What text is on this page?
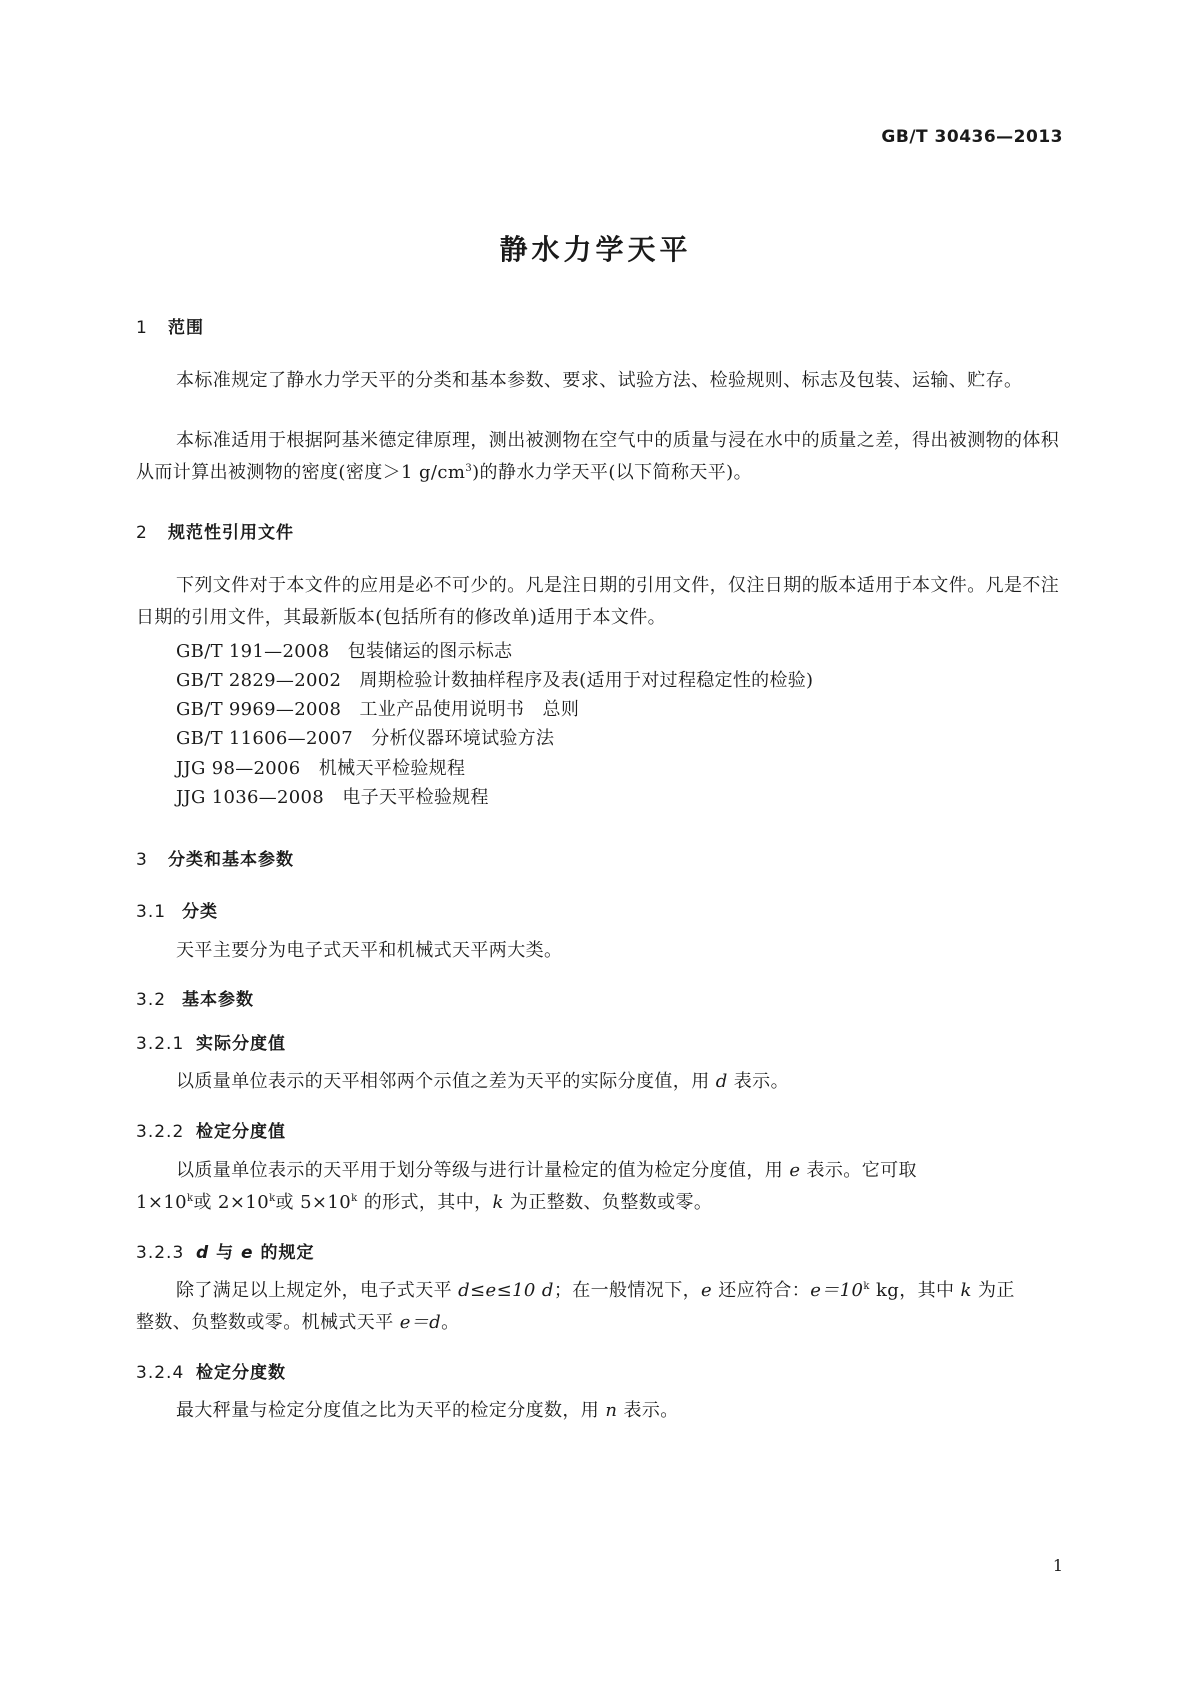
GB/T 30436—2013
静水力学天平
1 范围
本标准规定了静水力学天平的分类和基本参数、要求、试验方法、检验规则、标志及包装、运输、贮存。
本标准适用于根据阿基米德定律原理，测出被测物在空气中的质量与浸在水中的质量之差，得出被测物的体积从而计算出被测物的密度(密度＞1 $g/cm^3$)的静水力学天平(以下简称天平)。
2 规范性引用文件
下列文件对于本文件的应用是必不可少的。凡是注日期的引用文件，仅注日期的版本适用于本文件。凡是不注日期的引用文件，其最新版本(包括所有的修改单)适用于本文件。
GB/T 191—2008　 包装储运的图示标志
GB/T 2829—2002　 周期检验计数抽样程序及表(适用于对过程稳定性的检验)
GB/T 9969—2008　 工业产品使用说明书　总则
GB/T 11606—2007　 分析仪器环境试验方法
JJG 98—2006　 机械天平检验规程
JJG 1036—2008　 电子天平检验规程
3 分类和基本参数
3.1 分类
天平主要分为电子式天平和机械式天平两大类。
3.2 基本参数
3.2.1 实际分度值
以质量单位表示的天平相邻两个示值之差为天平的实际分度值，用 d 表示。
3.2.2 检定分度值
以质量单位表示的天平用于划分等级与进行计量检定的值为检定分度值，用 e 表示。它可取
$1\times 10^k$或 $2\times 10^k$或 $5\times 10^k$ 的形式，其中，k 为正整数、负整数或零。
3.2.3 d 与 e 的规定
除了满足以上规定外，电子式天平 d≤e≤10 d；在一般情况下，e 还应符合：$e=10^k$ kg，其中 k 为正
整数、负整数或零。机械式天平 e＝d。
3.2.4 检定分度数
最大秤量与检定分度值之比为天平的检定分度数，用 n 表示。
1
